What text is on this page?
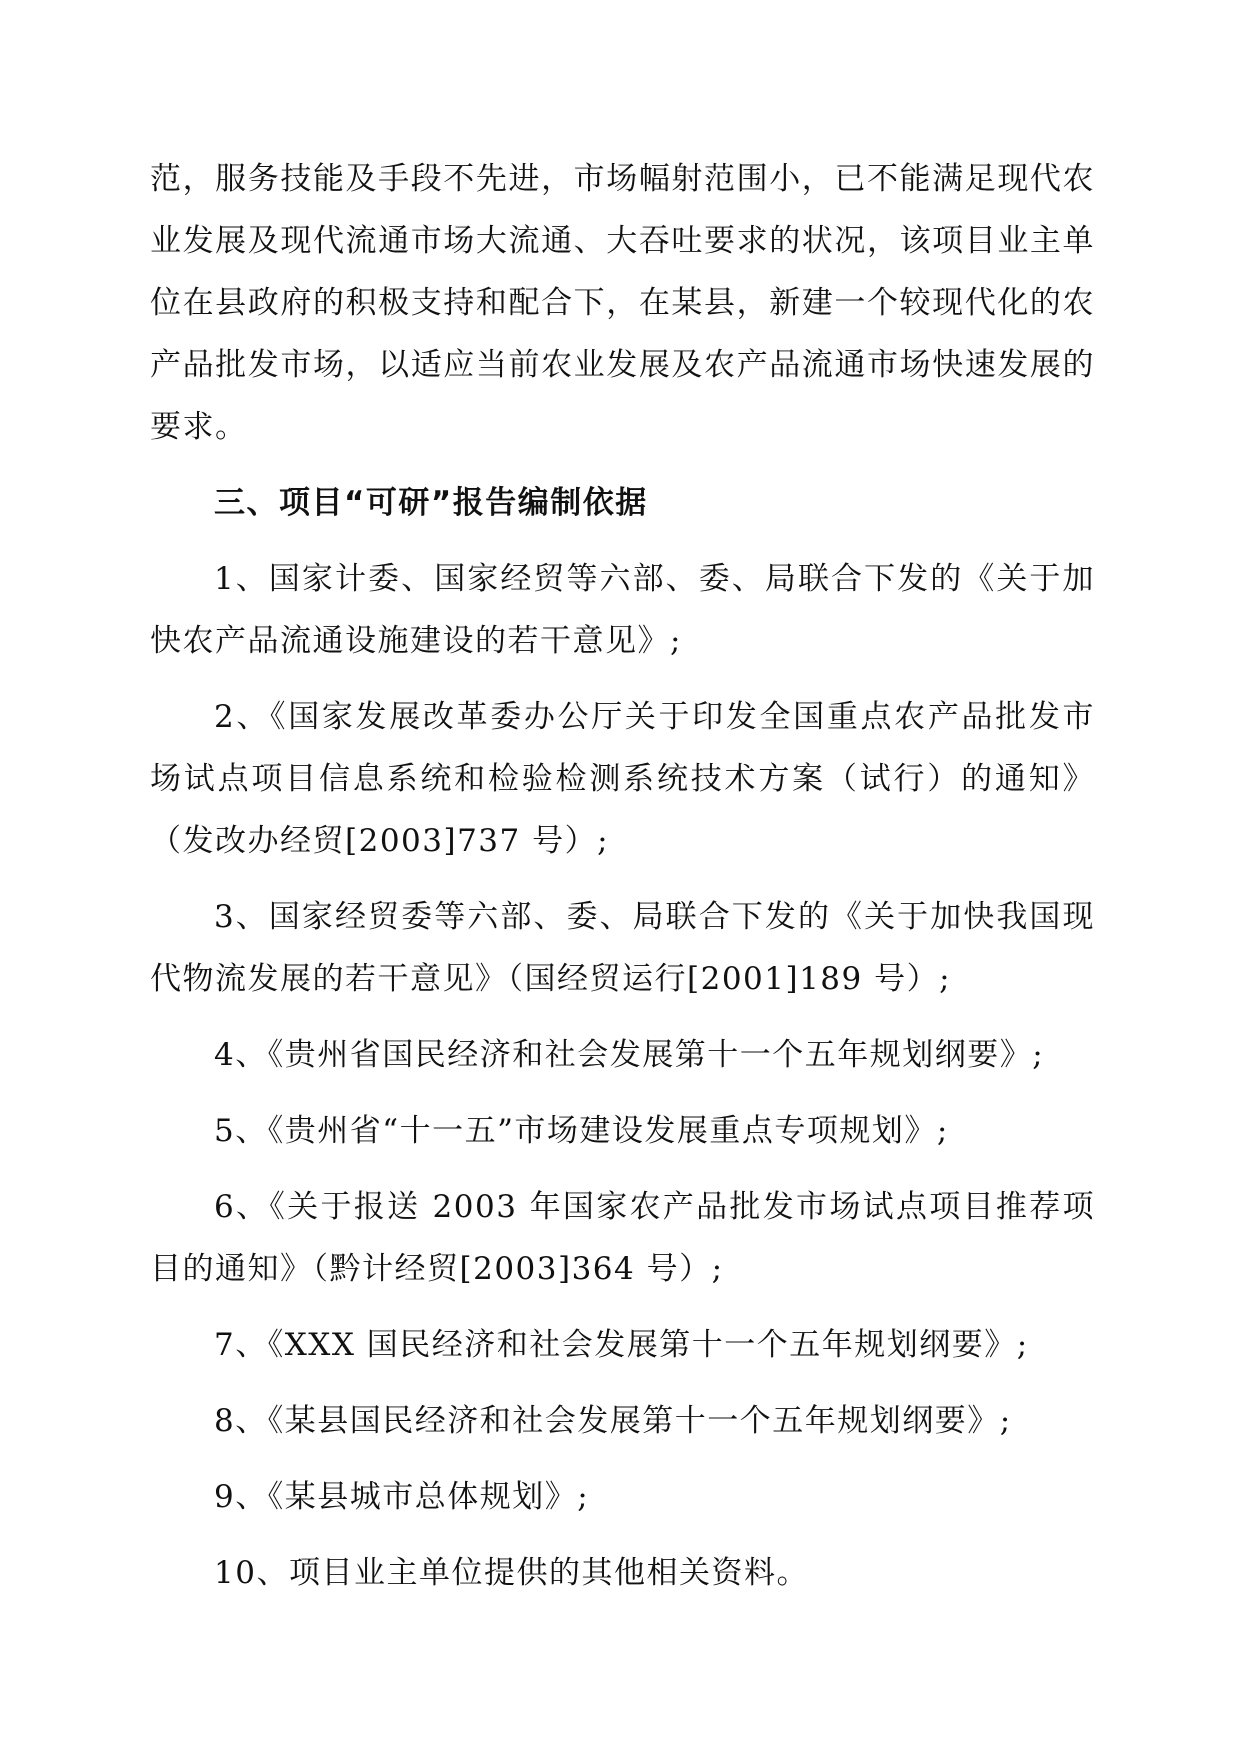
范，服务技能及手段不先进，市场幅射范围小，已不能满足现代农业发展及现代流通市场大流通、大吞吐要求的状况，该项目业主单位在县政府的积极支持和配合下，在某县，新建一个较现代化的农产品批发市场，以适应当前农业发展及农产品流通市场快速发展的要求。

三、项目“可研”报告编制依据

1、国家计委、国家经贸等六部、委、局联合下发的《关于加快农产品流通设施建设的若干意见》;

2、《国家发展改革委办公厅关于印发全国重点农产品批发市场试点项目信息系统和检验检测系统技术方案（试行）的通知》（发改办经贸[2003]737 号）;

3、国家经贸委等六部、委、局联合下发的《关于加快我国现代物流发展的若干意见》（国经贸运行[2001]189 号）;

4、《贵州省国民经济和社会发展第十一个五年规划纲要》;

5、《贵州省“十一五”市场建设发展重点专项规划》;

6、《关于报送 2003 年国家农产品批发市场试点项目推荐项目的通知》（黔计经贸[2003]364 号）;

7、《XXX 国民经济和社会发展第十一个五年规划纲要》;

8、《某县国民经济和社会发展第十一个五年规划纲要》;

9、《某县城市总体规划》;

10、项目业主单位提供的其他相关资料。
